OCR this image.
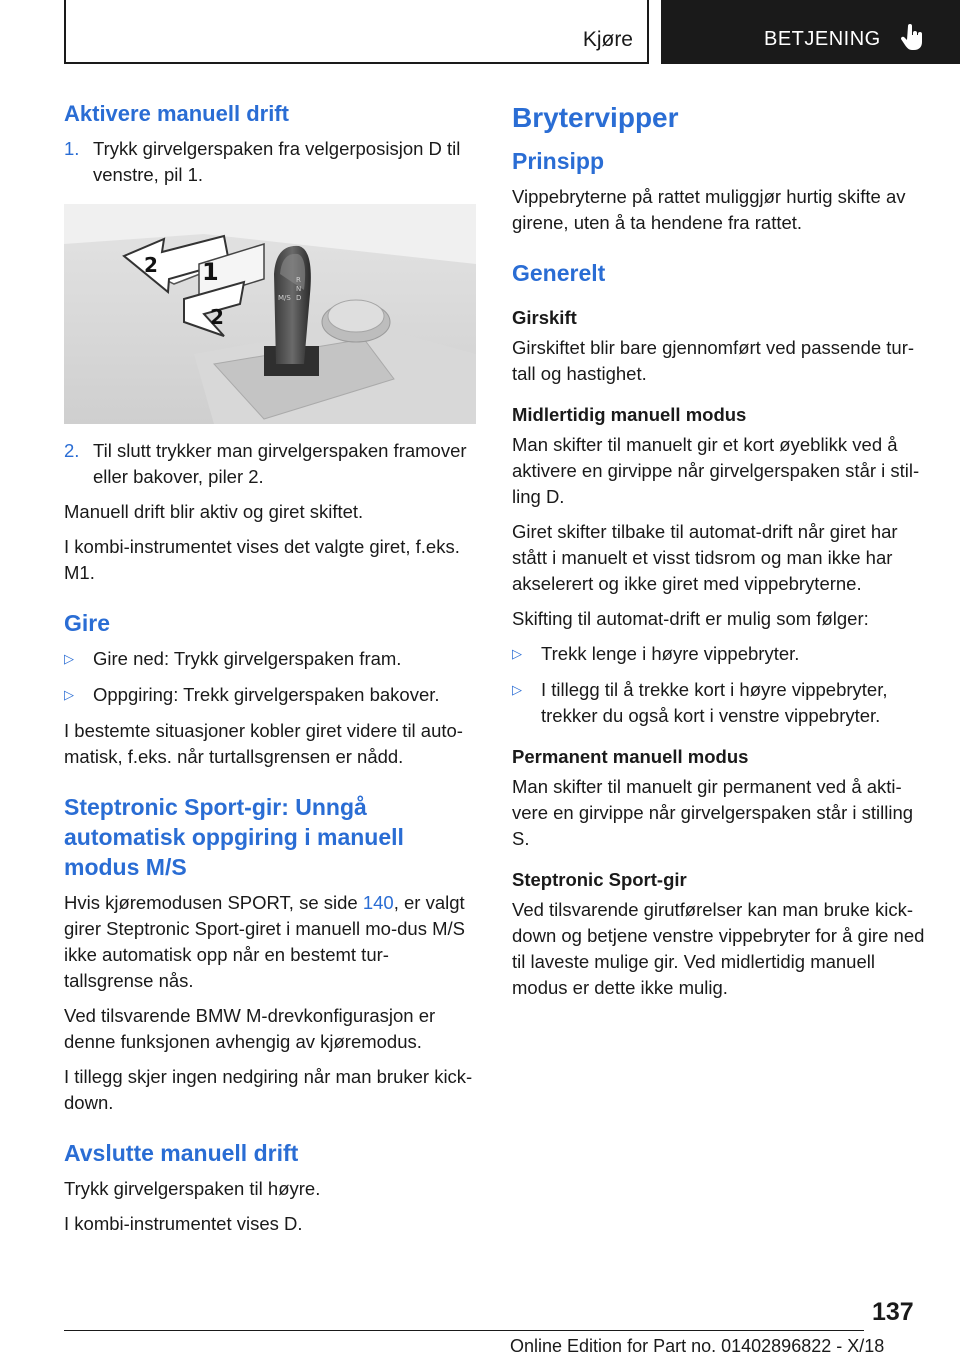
Kjøre	BETJENING
Aktivere manuell drift
1. Trykk girvelgerspaken fra velgerposisjon D til venstre, pil 1.
R
N
D
M/S
1
2
2
2. Til slutt trykker man girvelgerspaken framover eller bakover, piler 2.

Manuell drift blir aktiv og giret skiftet.

I kombi-instrumentet vises det valgte giret, f.eks. M1.

Gire
▷	Gire ned: Trykk girvelgerspaken fram.
▷	Oppgiring: Trekk girvelgerspaken bakover.

I bestemte situasjoner kobler giret videre til auto-matisk, f.eks. når turtallsgrensen er nådd.

Steptronic Sport-gir: Unngå automatisk oppgiring i manuell modus M/S

Hvis kjøremodusen SPORT, se side 140, er valgt girer Steptronic Sport-giret i manuell mo-dus M/S ikke automatisk opp når en bestemt tur-tallsgrense nås.

Ved tilsvarende BMW M-drevkonfigurasjon er denne funksjonen avhengig av kjøremodus.

I tillegg skjer ingen nedgiring når man bruker kick-down.

Avslutte manuell drift

Trykk girvelgerspaken til høyre.

I kombi-instrumentet vises D.

Brytervipper
Prinsipp

Vippebryterne på rattet muliggjør hurtig skifte av girene, uten å ta hendene fra rattet.

Generelt
Girskift

Girskiftet blir bare gjennomført ved passende tur-tall og hastighet.

Midlertidig manuell modus

Man skifter til manuelt gir et kort øyeblikk ved å aktivere en girvippe når girvelgerspaken står i stil-ling D.

Giret skifter tilbake til automat-drift når giret har stått i manuelt et visst tidsrom og man ikke har akselerert og ikke giret med vippebryterne.

Skifting til automat-drift er mulig som følger:

▷	Trekk lenge i høyre vippebryter.
▷	I tillegg til å trekke kort i høyre vippebryter, trekker du også kort i venstre vippebryter.
Permanent manuell modus

Man skifter til manuelt gir permanent ved å akti-vere en girvippe når girvelgerspaken står i stilling S.

Steptronic Sport-gir

Ved tilsvarende girutførelser kan man bruke kick-down og betjene venstre vippebryter for å gire ned til laveste mulige gir. Ved midlertidig manuell modus er dette ikke mulig.

137
Online Edition for Part no. 01402896822 - X/18
